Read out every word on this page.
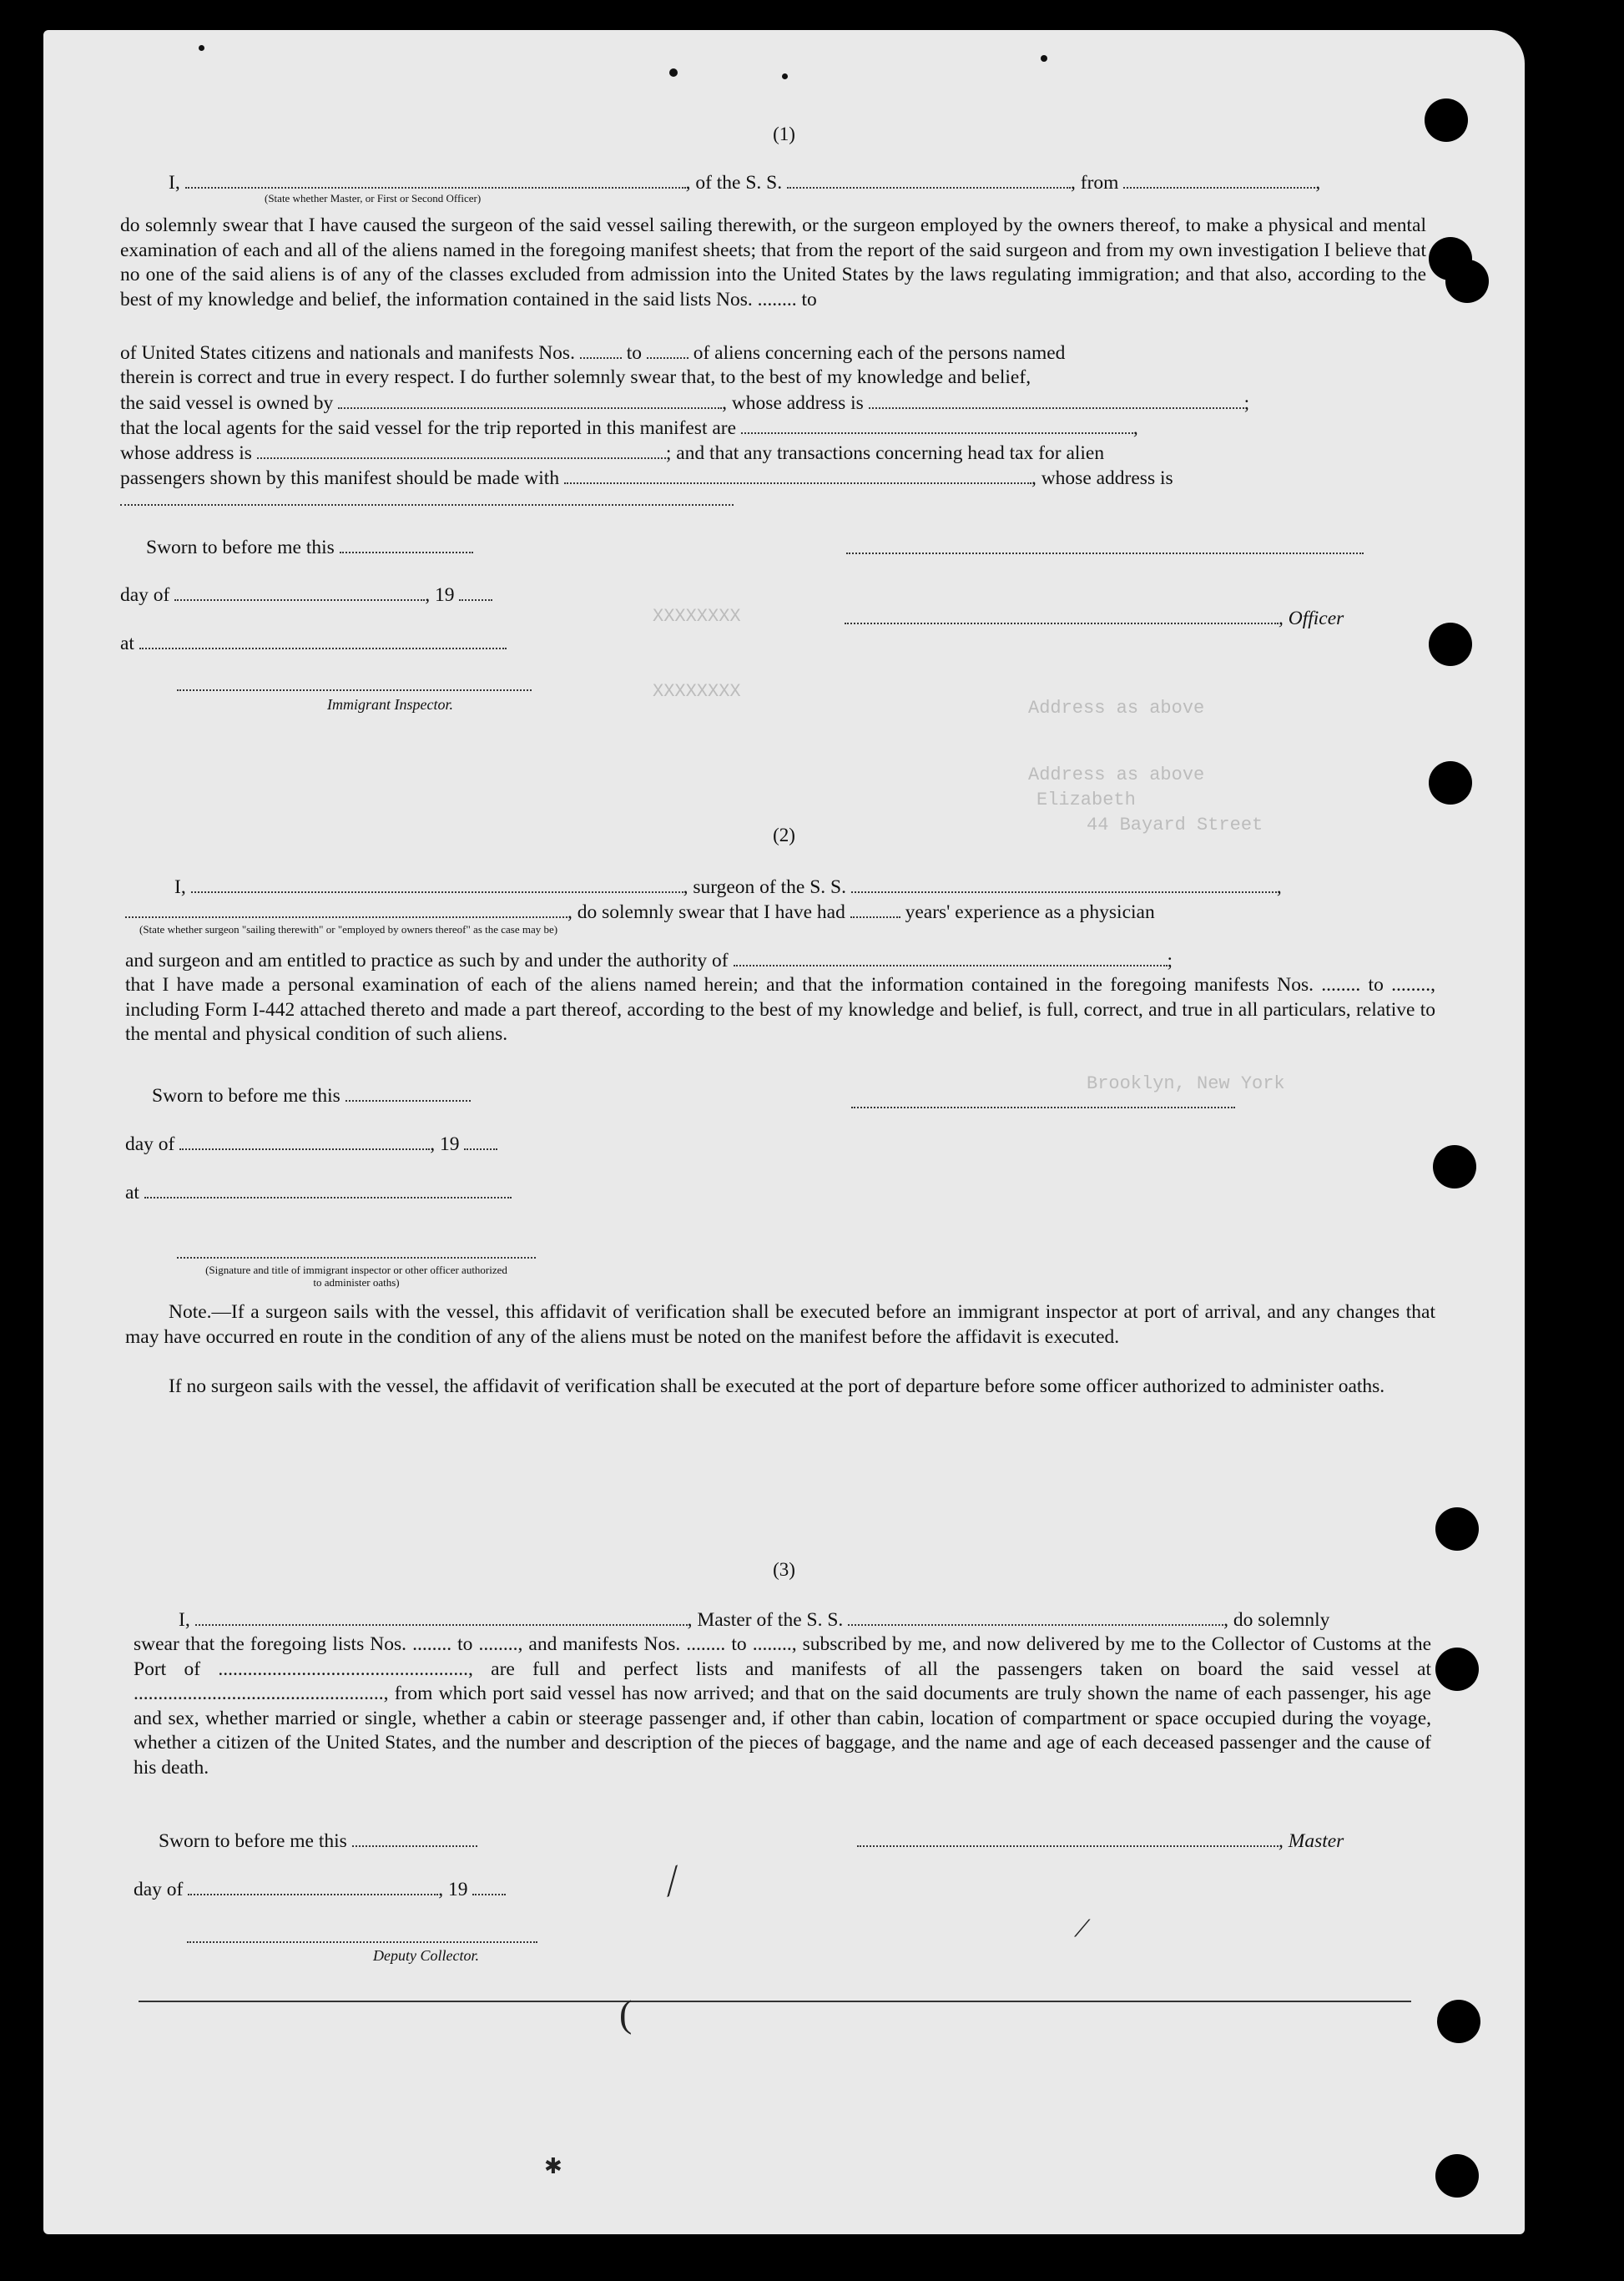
XXXXXXXX
XXXXXXXX
Address as above
Address as above
Elizabeth
44 Bayard Street
Brooklyn, New York
(1)
I,	, of the S. S.	, from	,
(State whether Master, or First or Second Officer)
do solemnly swear that I have caused the surgeon of the said vessel sailing therewith, or the surgeon employed by the owners thereof, to make a physical and mental examination of each and all of the aliens named in the foregoing manifest sheets; that from the report of the said surgeon and from my own investigation I believe that no one of the said aliens is of any of the classes excluded from admission into the United States by the laws regulating immigration; and that also, according to the best of my knowledge and belief, the information contained in the said lists Nos. ........ to
of United States citizens and nationals and manifests Nos.	to	of aliens concerning each of the persons named
therein is correct and true in every respect. I do further solemnly swear that, to the best of my knowledge and belief,
the said vessel is owned by	, whose address is	;
that the local agents for the said vessel for the trip reported in this manifest are	,
whose address is	; and that any transactions concerning head tax for alien
passengers shown by this manifest should be made with	, whose address is
Sworn to before me this
day of	, 19
, Officer
at
Immigrant Inspector.
(2)
I,	, surgeon of the S. S.	,
, do solemnly swear that I have had	years' experience as a physician
(State whether surgeon "sailing therewith" or "employed by owners thereof" as the case may be)
and surgeon and am entitled to practice as such by and under the authority of	;
that I have made a personal examination of each of the aliens named herein; and that the information contained in the foregoing manifests Nos. ........ to ........, including Form I-442 attached thereto and made a part thereof, according to the best of my knowledge and belief, is full, correct, and true in all particulars, relative to the mental and physical condition of such aliens.
Sworn to before me this
day of	, 19
at
(Signature and title of immigrant inspector or other officer authorized to administer oaths)
Note.—If a surgeon sails with the vessel, this affidavit of verification shall be executed before an immigrant inspector at port of arrival, and any changes that may have occurred en route in the condition of any of the aliens must be noted on the manifest before the affidavit is executed.
If no surgeon sails with the vessel, the affidavit of verification shall be executed at the port of departure before some officer authorized to administer oaths.
(3)
I,	, Master of the S. S.	, do solemnly
swear that the foregoing lists Nos. ........ to ........, and manifests Nos. ........ to ........, subscribed by me, and now delivered by me to the Collector of Customs at the Port of ..................................................., are full and perfect lists and manifests of all the passengers taken on board the said vessel at ..................................................., from which port said vessel has now arrived; and that on the said documents are truly shown the name of each passenger, his age and sex, whether married or single, whether a cabin or steerage passenger and, if other than cabin, location of compartment or space occupied during the voyage, whether a citizen of the United States, and the number and description of the pieces of baggage, and the name and age of each deceased passenger and the cause of his death.
Sworn to before me this	, Master
day of	, 19
Deputy Collector.
⟋
⟋
(
✱
